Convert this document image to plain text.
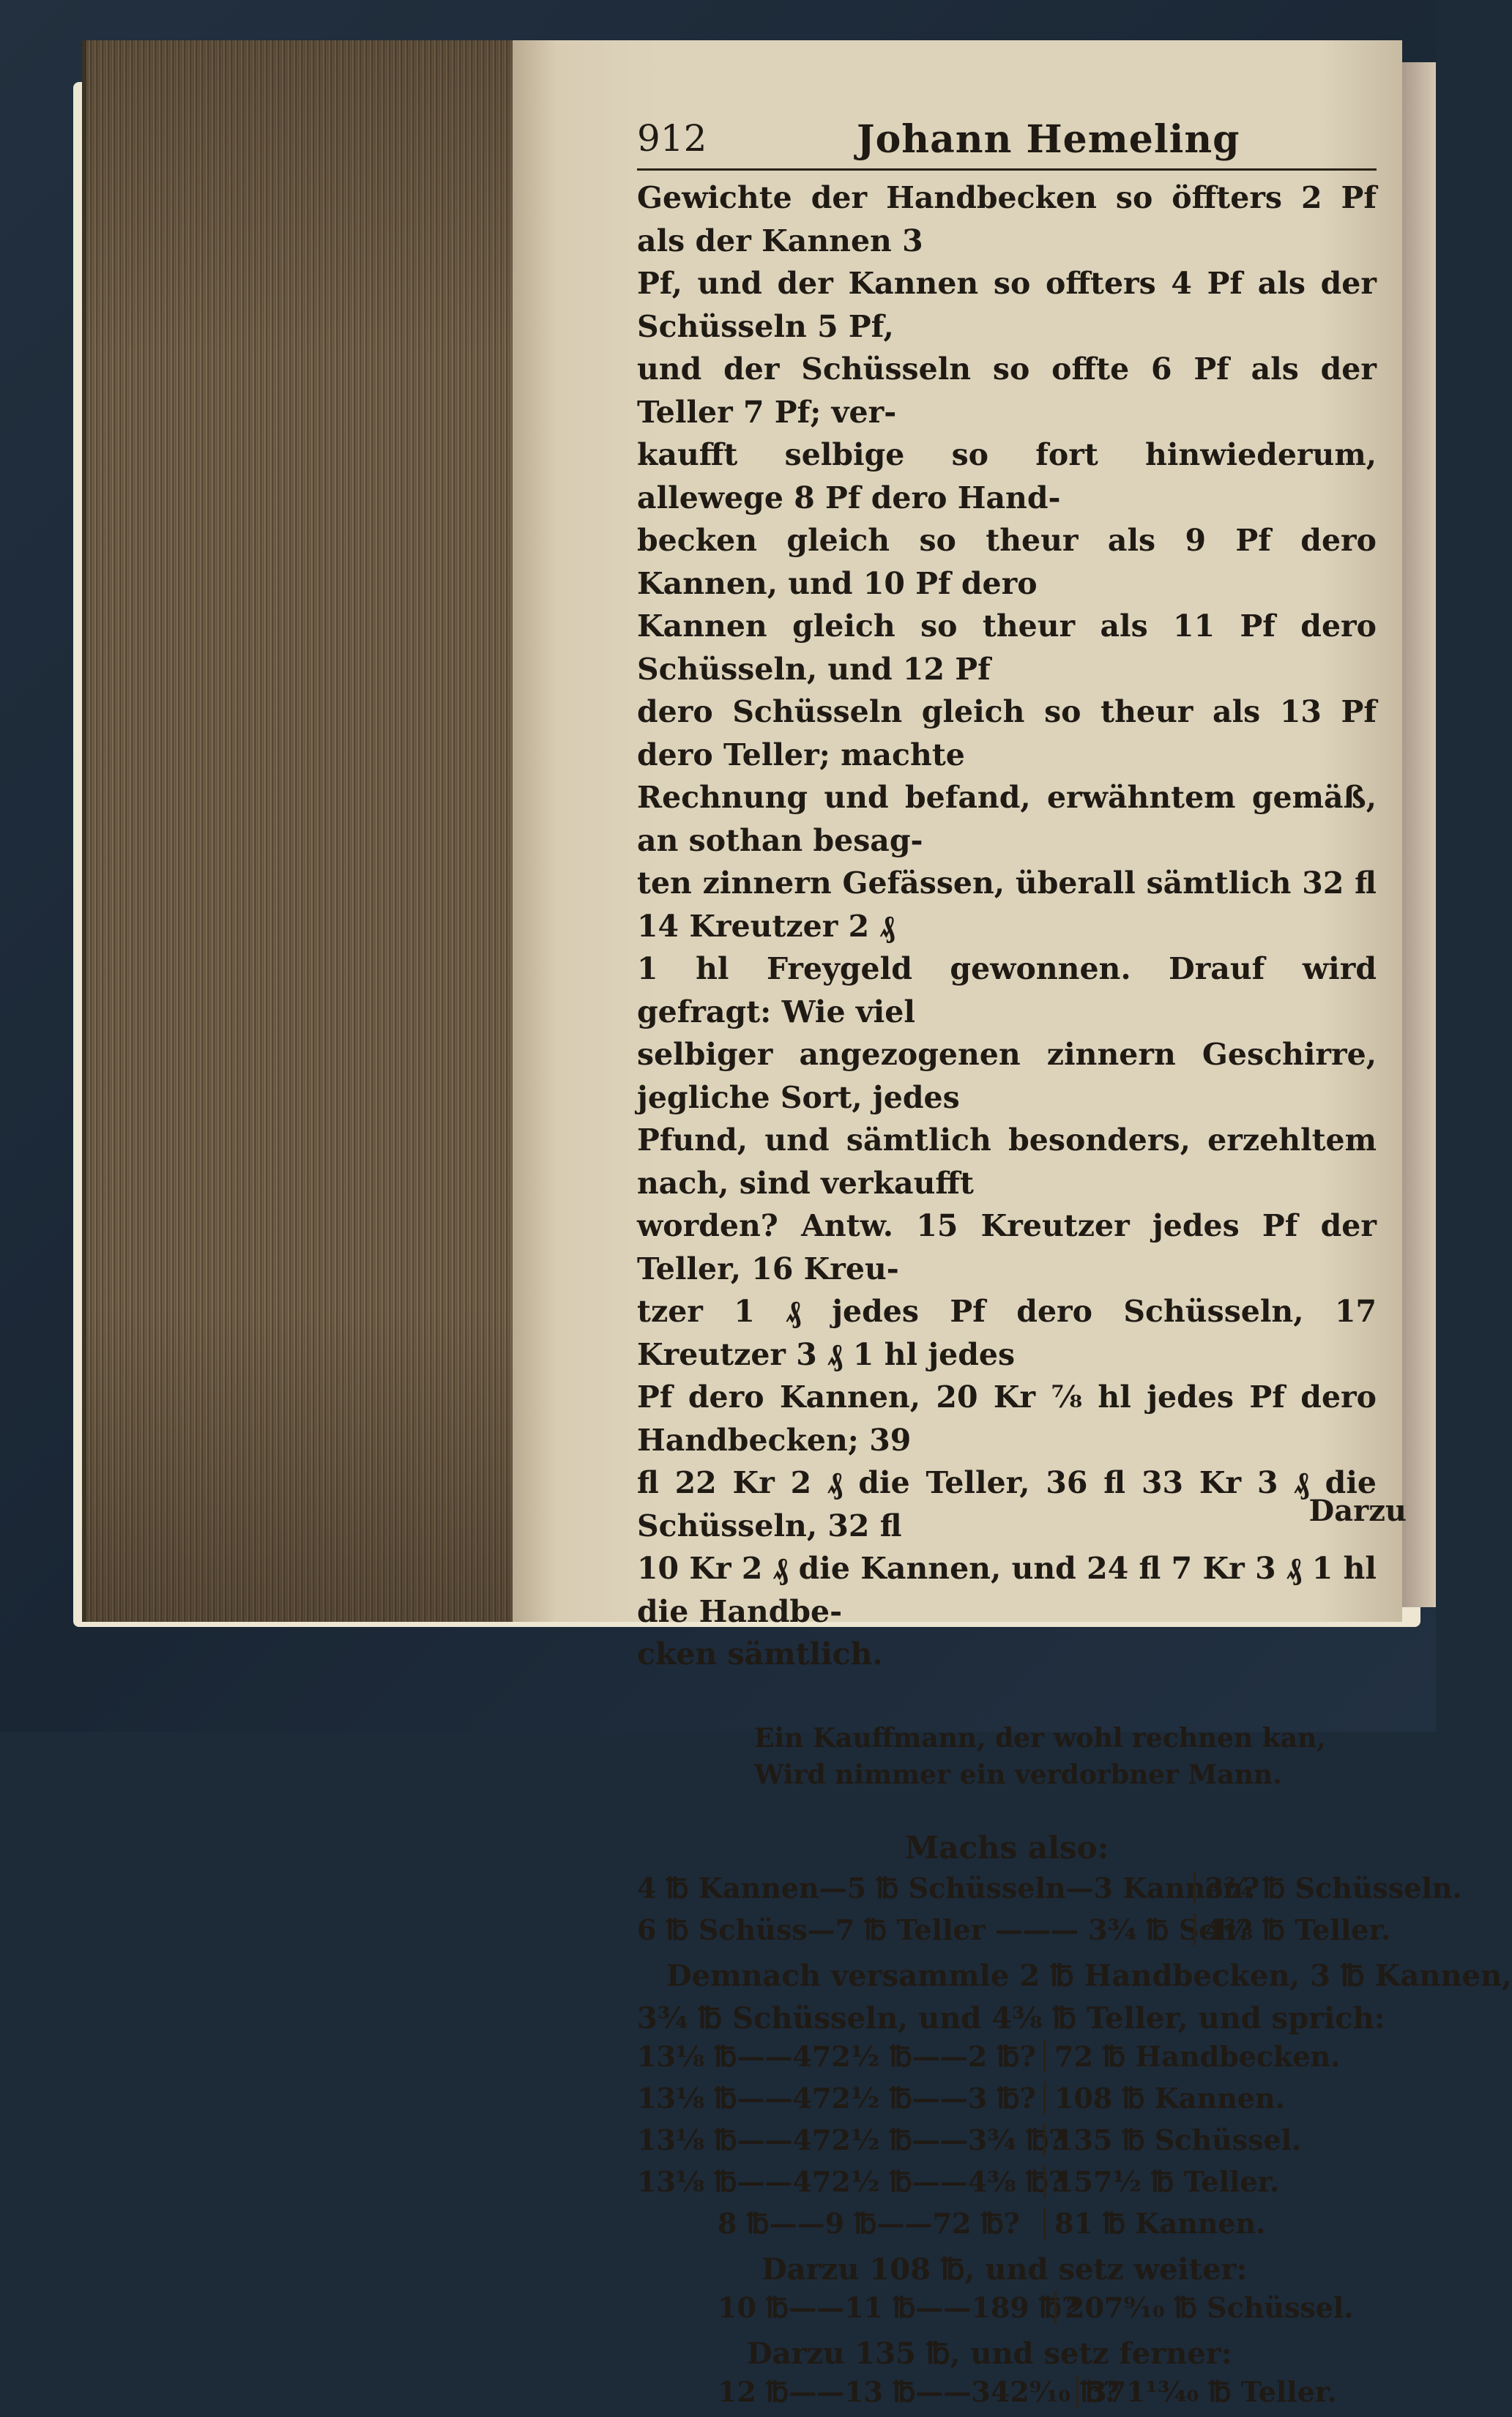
912	Johann Hemeling
Gewichte der Handbecken so öffters 2 Pf als der Kannen 3
Pf, und der Kannen so offters 4 Pf als der Schüsseln 5 Pf,
und der Schüsseln so offte 6 Pf als der Teller 7 Pf; ver-
kaufft selbige so fort hinwiederum, allewege 8 Pf dero Hand-
becken gleich so theur als 9 Pf dero Kannen, und 10 Pf dero
Kannen gleich so theur als 11 Pf dero Schüsseln, und 12 Pf
dero Schüsseln gleich so theur als 13 Pf dero Teller; machte
Rechnung und befand, erwähntem gemäß, an sothan besag-
ten zinnern Gefässen, überall sämtlich 32 fl 14 Kreutzer 2 ₰
1 hl Freygeld gewonnen. Drauf wird gefragt: Wie viel
selbiger angezogenen zinnern Geschirre, jegliche Sort, jedes
Pfund, und sämtlich besonders, erzehltem nach, sind verkaufft
worden? Antw. 15 Kreutzer jedes Pf der Teller, 16 Kreu-
tzer 1 ₰ jedes Pf dero Schüsseln, 17 Kreutzer 3 ₰ 1 hl jedes
Pf dero Kannen, 20 Kr ⅞ hl jedes Pf dero Handbecken; 39
fl 22 Kr 2 ₰ die Teller, 36 fl 33 Kr 3 ₰ die Schüsseln, 32 fl
10 Kr 2 ₰ die Kannen, und 24 fl 7 Kr 3 ₰ 1 hl die Handbe-
cken sämtlich.
Ein Kauffmann, der wohl rechnen kan,
Wird nimmer ein verdorbner Mann.
Machs also:
4 ℔ Kannen—5 ℔ Schüsseln—3 Kannen?
3¾ ℔ Schüsseln.
6 ℔ Schüss—7 ℔ Teller ——— 3¾ ℔ Sch?
4⅜ ℔ Teller.
Demnach versammle 2 ℔ Handbecken, 3 ℔ Kannen,
3¾ ℔ Schüsseln, und 4⅜ ℔ Teller, und sprich:
13⅛ ℔——472½ ℔——2 ℔? 72 ℔ Handbecken.
13⅛ ℔——472½ ℔——3 ℔? 108 ℔ Kannen.
13⅛ ℔——472½ ℔——3¾ ℔?
135 ℔ Schüssel.
13⅛ ℔——472½ ℔——4⅜ ℔?
157½ ℔ Teller.
8 ℔——9 ℔——72 ℔?	81 ℔ Kannen.
Darzu 108 ℔, und setz weiter:
10 ℔——11 ℔——189 ℔?
207⁹⁄₁₀ ℔ Schüssel.
Darzu 135 ℔, und setz ferner:
12 ℔——13 ℔——342⁹⁄₁₀ ℔?
371¹³⁄₄₀ ℔ Teller.
Darzu
